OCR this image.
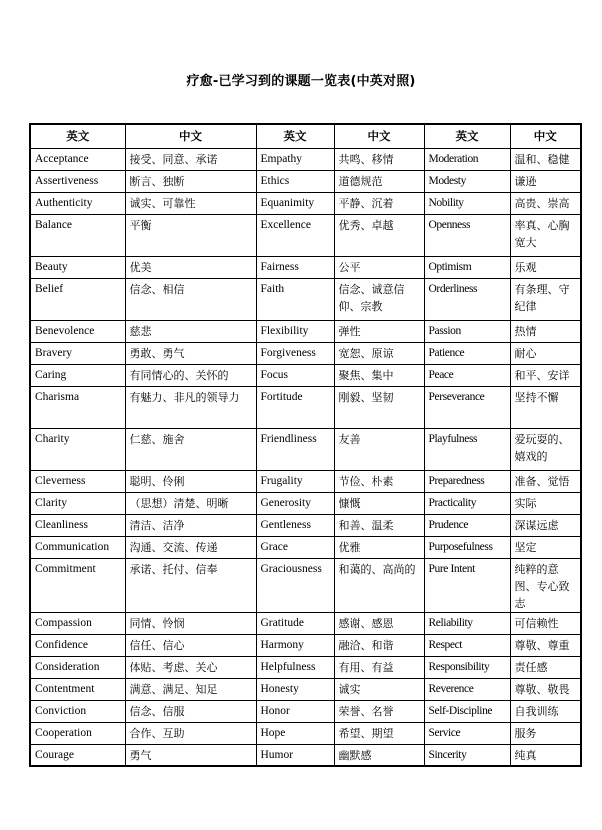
疗愈-已学习到的课题一览表(中英对照)
英文	中文	英文	中文	英文	中文
Acceptance	接受、同意、承诺	Empathy	共鸣、移情	Moderation	温和、稳健
Assertiveness	断言、独断	Ethics	道德规范	Modesty	谦逊
Authenticity	诚实、可靠性	Equanimity	平静、沉着	Nobility	高贵、崇高
Balance	平衡	Excellence	优秀、卓越	Openness	率真、心胸宽大
Beauty	优美	Fairness	公平	Optimism	乐观
Belief	信念、相信	Faith	信念、诚意信仰、宗教	Orderliness	有条理、守纪律
Benevolence	慈悲	Flexibility	弹性	Passion	热情
Bravery	勇敢、勇气	Forgiveness	宽恕、原谅	Patience	耐心
Caring	有同情心的、关怀的	Focus	聚焦、集中	Peace	和平、安详
Charisma	有魅力、非凡的领导力	Fortitude	刚毅、坚韧	Perseverance	坚持不懈
Charity	仁慈、施舍	Friendliness	友善	Playfulness	爱玩耍的、嬉戏的
Cleverness	聪明、伶俐	Frugality	节俭、朴素	Preparedness	准备、觉悟
Clarity	（思想）清楚、明晰	Generosity	慷慨	Practicality	实际
Cleanliness	清洁、洁净	Gentleness	和善、温柔	Prudence	深谋远虑
Communication	沟通、交流、传递	Grace	优雅	Purposefulness	坚定
Commitment	承诺、托付、信奉	Graciousness	和蔼的、高尚的	Pure Intent	纯粹的意图、专心致志
Compassion	同情、怜悯	Gratitude	感谢、感恩	Reliability	可信赖性
Confidence	信任、信心	Harmony	融洽、和谐	Respect	尊敬、尊重
Consideration	体贴、考虑、关心	Helpfulness	有用、有益	Responsibility	责任感
Contentment	满意、满足、知足	Honesty	诚实	Reverence	尊敬、敬畏
Conviction	信念、信服	Honor	荣誉、名誉	Self-Discipline	自我训练
Cooperation	合作、互助	Hope	希望、期望	Service	服务
Courage	勇气	Humor	幽默感	Sincerity	纯真
